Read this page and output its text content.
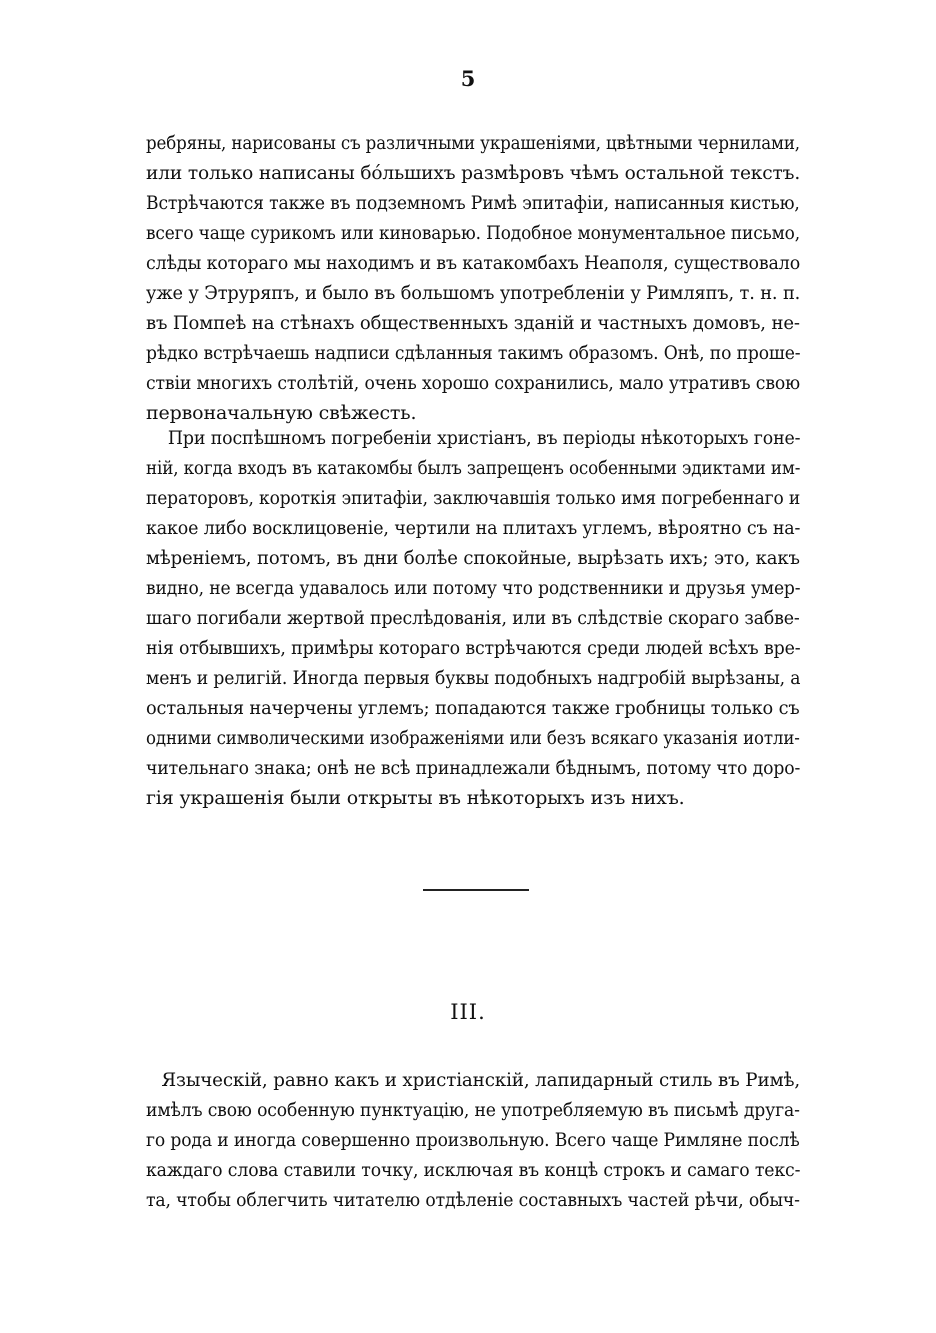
5
ребряны, нарисованы съ различными украшеніями, цвѣтными чернилами,
или только написаны бóльшихъ размѣровъ чѣмъ остальной текстъ.
Встрѣчаются также въ подземномъ Римѣ эпитафіи, написанныя кистью,
всего чаще сурикомъ или киноварью. Подобное монументальное письмо,
слѣды котораго мы находимъ и въ катакомбахъ Неаполя, существовало
уже у Этруряпъ, и было въ большомъ употребленіи у Римляпъ, т. н. п.
въ Помпеѣ на стѣнахъ общественныхъ зданій и частныхъ домовъ, не-
рѣдко встрѣчаешь надписи сдѣланныя такимъ образомъ. Онѣ, по проше-
ствіи многихъ столѣтій, очень хорошо сохранились, мало утративъ свою
первоначальную свѣжесть.
При поспѣшномъ погребеніи христіанъ, въ періоды нѣкоторыхъ гоне-
ній, когда входъ въ катакомбы былъ запрещенъ особенными эдиктами им-
ператоровъ, короткія эпитафіи, заключавшія только имя погребеннаго и
какое либо восклицовеніе, чертили на плитахъ углемъ, вѣроятно съ на-
мѣреніемъ, потомъ, въ дни болѣе спокойные, вырѣзать ихъ; это, какъ
видно, не всегда удавалось или потому что родственники и друзья умер-
шаго погибали жертвой преслѣдованія, или въ слѣдствіе скораго забве-
нія отбывшихъ, примѣры котораго встрѣчаются среди людей всѣхъ вре-
менъ и религій. Иногда первыя буквы подобныхъ надгробій вырѣзаны, а
остальныя начерчены углемъ; попадаются также гробницы только съ
одними символическими изображеніями или безъ всякаго указанія иотли-
чительнаго знака; онѣ не всѣ принадлежали бѣднымъ, потому что дорo-
гія украшенія были открыты въ нѣкоторыхъ изъ нихъ.
III.
Языческій, равно какъ и христіанскій, лапидарный стиль въ Римѣ,
имѣлъ свою особенную пунктуацію, не употребляемую въ письмѣ друга-
го рода и иногда совершенно произвольную. Всего чаще Римляне послѣ
каждаго слова ставили точку, исключая въ концѣ строкъ и самаго текс-
та, чтобы облегчить читателю отдѣленіе составныхъ частей рѣчи, обыч-
